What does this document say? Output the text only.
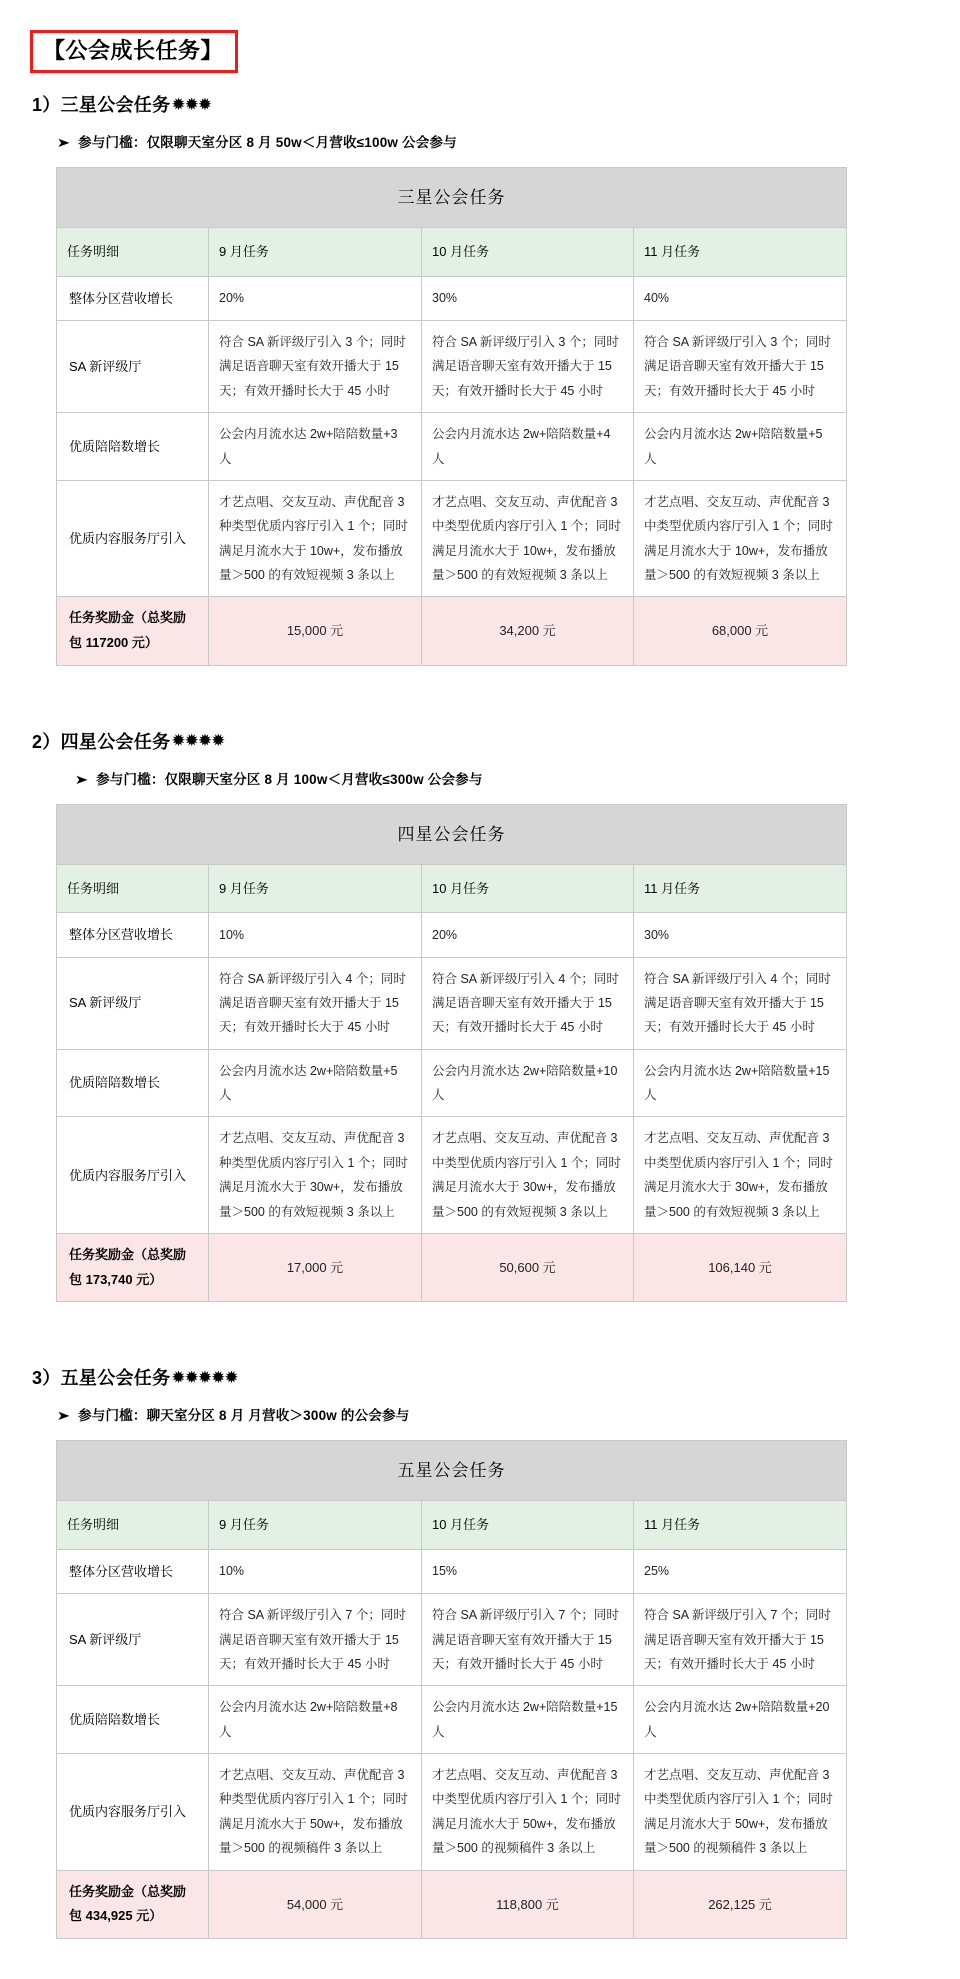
【公会成长任务】
1）三星公会任务 ✹✹✹
➤ 参与门槛：仅限聊天室分区 8 月 50w＜月营收≤100w 公会参与
三星公会任务			
任务明细	9 月任务	10 月任务	11 月任务
整体分区营收增长	20%	30%	40%
SA 新评级厅	符合 SA 新评级厅引入 3 个；同时满足语音聊天室有效开播大于 15 天；有效开播时长大于 45 小时	符合 SA 新评级厅引入 3 个；同时满足语音聊天室有效开播大于 15 天；有效开播时长大于 45 小时	符合 SA 新评级厅引入 3 个；同时满足语音聊天室有效开播大于 15 天；有效开播时长大于 45 小时
优质陪陪数增长	公会内月流水达 2w+陪陪数量+3 人	公会内月流水达 2w+陪陪数量+4 人	公会内月流水达 2w+陪陪数量+5 人
优质内容服务厅引入	才艺点唱、交友互动、声优配音 3 种类型优质内容厅引入 1 个；同时满足月流水大于 10w+，发布播放量＞500 的有效短视频 3 条以上	才艺点唱、交友互动、声优配音 3 中类型优质内容厅引入 1 个；同时满足月流水大于 10w+，发布播放量＞500 的有效短视频 3 条以上	才艺点唱、交友互动、声优配音 3 中类型优质内容厅引入 1 个；同时满足月流水大于 10w+，发布播放量＞500 的有效短视频 3 条以上
任务奖励金（总奖励包 117200 元）	15,000 元	34,200 元	68,000 元
2）四星公会任务 ✹✹✹✹
➤ 参与门槛：仅限聊天室分区 8 月 100w＜月营收≤300w 公会参与
四星公会任务			
任务明细	9 月任务	10 月任务	11 月任务
整体分区营收增长	10%	20%	30%
SA 新评级厅	符合 SA 新评级厅引入 4 个；同时满足语音聊天室有效开播大于 15 天；有效开播时长大于 45 小时	符合 SA 新评级厅引入 4 个；同时满足语音聊天室有效开播大于 15 天；有效开播时长大于 45 小时	符合 SA 新评级厅引入 4 个；同时满足语音聊天室有效开播大于 15 天；有效开播时长大于 45 小时
优质陪陪数增长	公会内月流水达 2w+陪陪数量+5 人	公会内月流水达 2w+陪陪数量+10 人	公会内月流水达 2w+陪陪数量+15 人
优质内容服务厅引入	才艺点唱、交友互动、声优配音 3 种类型优质内容厅引入 1 个；同时满足月流水大于 30w+，发布播放量＞500 的有效短视频 3 条以上	才艺点唱、交友互动、声优配音 3 中类型优质内容厅引入 1 个；同时满足月流水大于 30w+，发布播放量＞500 的有效短视频 3 条以上	才艺点唱、交友互动、声优配音 3 中类型优质内容厅引入 1 个；同时满足月流水大于 30w+，发布播放量＞500 的有效短视频 3 条以上
任务奖励金（总奖励包 173,740 元）	17,000 元	50,600 元	106,140 元
3）五星公会任务 ✹✹✹✹✹
➤ 参与门槛：聊天室分区 8 月 月营收＞300w 的公会参与
五星公会任务			
任务明细	9 月任务	10 月任务	11 月任务
整体分区营收增长	10%	15%	25%
SA 新评级厅	符合 SA 新评级厅引入 7 个；同时满足语音聊天室有效开播大于 15 天；有效开播时长大于 45 小时	符合 SA 新评级厅引入 7 个；同时满足语音聊天室有效开播大于 15 天；有效开播时长大于 45 小时	符合 SA 新评级厅引入 7 个；同时满足语音聊天室有效开播大于 15 天；有效开播时长大于 45 小时
优质陪陪数增长	公会内月流水达 2w+陪陪数量+8 人	公会内月流水达 2w+陪陪数量+15 人	公会内月流水达 2w+陪陪数量+20 人
优质内容服务厅引入	才艺点唱、交友互动、声优配音 3 种类型优质内容厅引入 1 个；同时满足月流水大于 50w+，发布播放量＞500 的视频稿件 3 条以上	才艺点唱、交友互动、声优配音 3 中类型优质内容厅引入 1 个；同时满足月流水大于 50w+，发布播放量＞500 的视频稿件 3 条以上	才艺点唱、交友互动、声优配音 3 中类型优质内容厅引入 1 个；同时满足月流水大于 50w+，发布播放量＞500 的视频稿件 3 条以上
任务奖励金（总奖励包 434,925 元）	54,000 元	118,800 元	262,125 元
